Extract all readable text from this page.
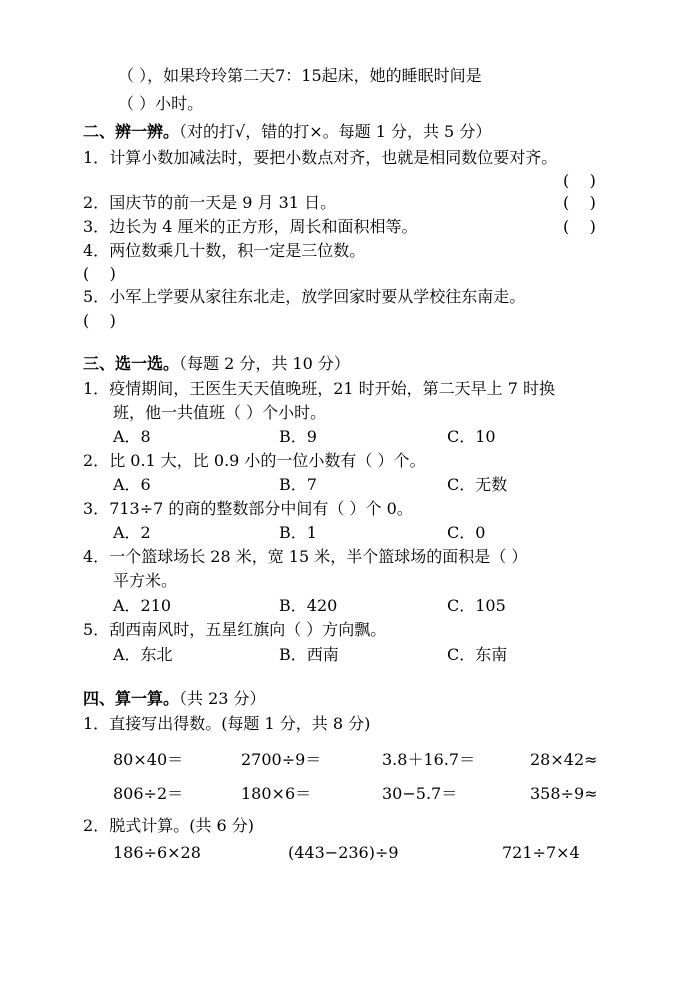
（ ），如果玲玲第二天7：15起床，她的睡眠时间是
（ ）小时。
二、辨一辨。（对的打√，错的打×。每题 1 分，共 5 分）
1．计算小数加减法时，要把小数点对齐，也就是相同数位要对齐。
(    )
2．国庆节的前一天是 9 月 31 日。	(    )
3．边长为 4 厘米的正方形，周长和面积相等。	(    )
4．两位数乘几十数，积一定是三位数。
(    )
5．小军上学要从家往东北走，放学回家时要从学校往东南走。
(    )
三、选一选。（每题 2 分，共 10 分）
1．疫情期间，王医生天天值晚班，21 时开始，第二天早上 7 时换
班，他一共值班（ ）个小时。
A．8	B．9	C．10
2．比 0.1 大，比 0.9 小的一位小数有（ ）个。
A．6	B．7	C．无数
3．713÷7 的商的整数部分中间有（ ）个 0。
A．2	B．1	C．0
4．一个篮球场长 28 米，宽 15 米，半个篮球场的面积是（ ）
平方米。
A．210	B．420	C．105
5．刮西南风时，五星红旗向（ ）方向飘。
A．东北	B．西南	C．东南
四、算一算。（共 23 分）
1．直接写出得数。(每题 1 分，共 8 分)
80×40＝	2700÷9＝	3.8＋16.7＝	28×42≈
806÷2＝	180×6＝	30−5.7＝	358÷9≈
2．脱式计算。(共 6 分)
186÷6×28	(443−236)÷9	721÷7×4
